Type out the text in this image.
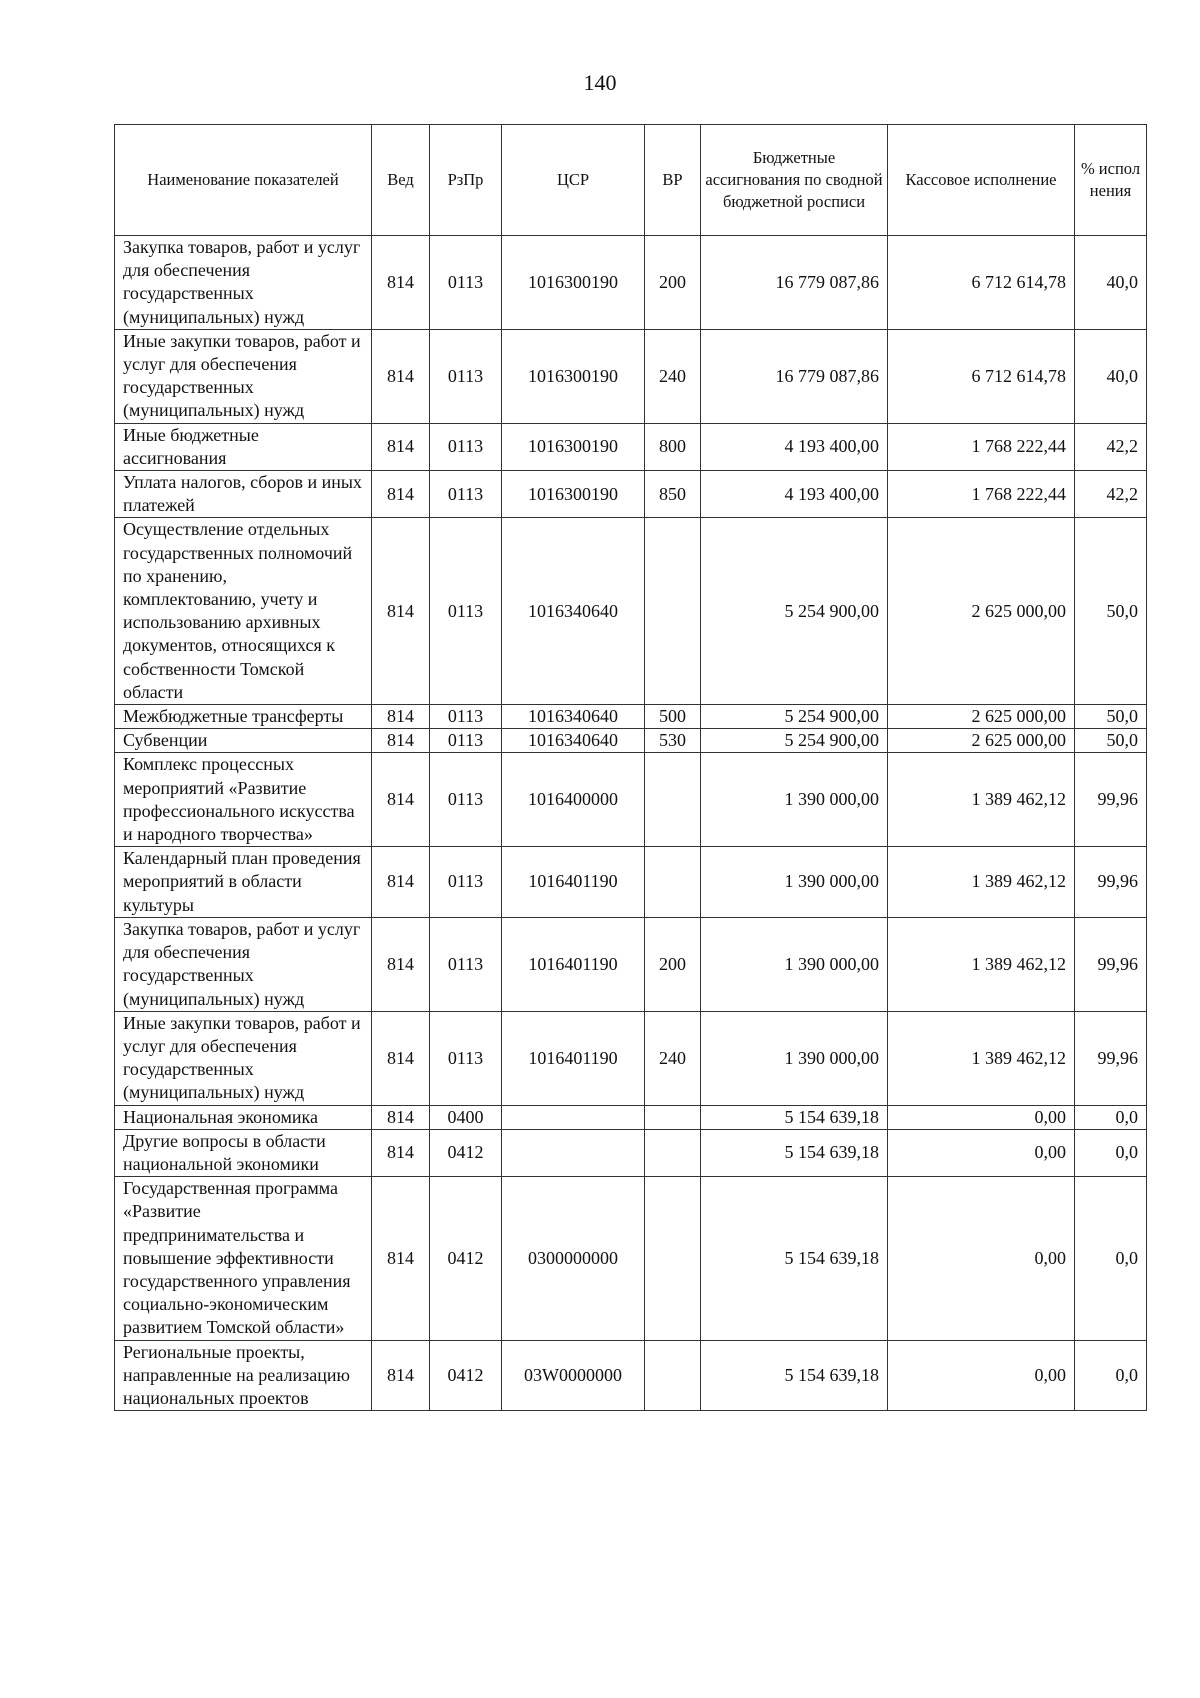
140
Наименование показателей	Вед	РзПр	ЦСР	ВР	Бюджетные ассигнования по сводной бюджетной росписи	Кассовое исполнение	% испол нения
Закупка товаров, работ и услуг для обеспечения государственных (муниципальных) нужд	814	0113	1016300190	200	16 779 087,86	6 712 614,78	40,0
Иные закупки товаров, работ и услуг для обеспечения государственных (муниципальных) нужд	814	0113	1016300190	240	16 779 087,86	6 712 614,78	40,0
Иные бюджетные ассигнования	814	0113	1016300190	800	4 193 400,00	1 768 222,44	42,2
Уплата налогов, сборов и иных платежей	814	0113	1016300190	850	4 193 400,00	1 768 222,44	42,2
Осуществление отдельных государственных полномочий по хранению, комплектованию, учету и использованию архивных документов, относящихся к собственности Томской области	814	0113	1016340640		5 254 900,00	2 625 000,00	50,0
Межбюджетные трансферты	814	0113	1016340640	500	5 254 900,00	2 625 000,00	50,0
Субвенции	814	0113	1016340640	530	5 254 900,00	2 625 000,00	50,0
Комплекс процессных мероприятий «Развитие профессионального искусства и народного творчества»	814	0113	1016400000		1 390 000,00	1 389 462,12	99,96
Календарный план проведения мероприятий в области культуры	814	0113	1016401190		1 390 000,00	1 389 462,12	99,96
Закупка товаров, работ и услуг для обеспечения государственных (муниципальных) нужд	814	0113	1016401190	200	1 390 000,00	1 389 462,12	99,96
Иные закупки товаров, работ и услуг для обеспечения государственных (муниципальных) нужд	814	0113	1016401190	240	1 390 000,00	1 389 462,12	99,96
Национальная экономика	814	0400			5 154 639,18	0,00	0,0
Другие вопросы в области национальной экономики	814	0412			5 154 639,18	0,00	0,0
Государственная программа «Развитие предпринимательства и повышение эффективности государственного управления социально-экономическим развитием Томской области»	814	0412	0300000000		5 154 639,18	0,00	0,0
Региональные проекты, направленные на реализацию национальных проектов	814	0412	03W0000000		5 154 639,18	0,00	0,0
